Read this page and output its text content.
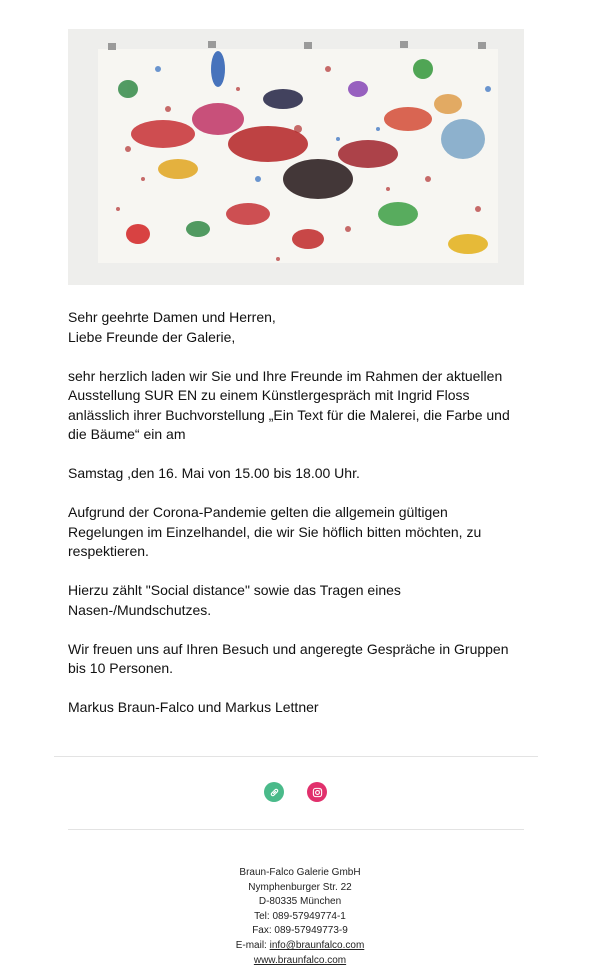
Sehr geehrte Damen und Herren,

Liebe Freunde der Galerie,

sehr herzlich laden wir Sie und Ihre Freunde im Rahmen der aktuellen Ausstellung SUR EN zu einem Künstlergespräch mit Ingrid Floss anlässlich ihrer Buchvorstellung „Ein Text für die Malerei, die Farbe und die Bäume“ ein am

Samstag ,den 16. Mai von 15.00 bis 18.00 Uhr.

Aufgrund der Corona-Pandemie gelten die allgemein gültigen Regelungen im Einzelhandel, die wir Sie höflich bitten möchten, zu respektieren.

Hierzu zählt "Social distance" sowie das Tragen eines Nasen-/Mundschutzes.

Wir freuen uns auf Ihren Besuch und angeregte Gespräche in Gruppen bis 10 Personen.

Markus Braun-Falco und Markus Lettner

Braun-Falco Galerie GmbH
Nymphenburger Str. 22
D-80335 München
Tel: 089-57949774-1
Fax: 089-57949773-9
E-mail: info@braunfalco.com
www.braunfalco.com
